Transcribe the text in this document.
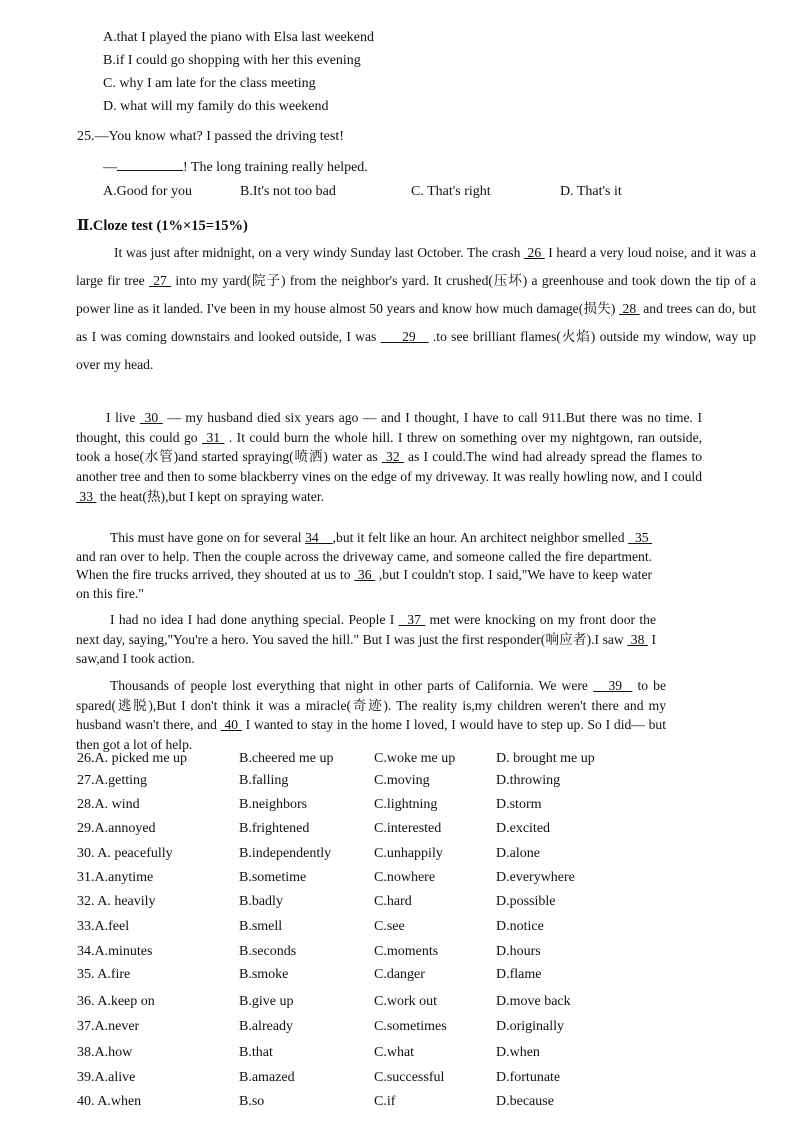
A.that I played the piano with Elsa last weekend
B.if I could go shopping with her this evening
C. why I am late for the class meeting
D. what will my family do this weekend
25.—You know what? I passed the driving test!
—	! The long training really helped.
A.Good for you	B.It's not too bad	C. That's right	D. That's it
Ⅱ.Cloze test (1%×15=15%)
It was just after midnight, on a very windy Sunday last October. The crash  26  I heard a very loud noise, and it was a large fir tree  27  into my yard(院子) from the neighbor's yard. It crushed(压坏) a greenhouse and took down the tip of a power line as it landed. I've been in my house almost 50 years and know how much damage(损失)  28  and trees can do, but as I was coming downstairs and looked outside, I was      29    .to see brilliant flames(火焰) outside my window, way up over my head.
I live  30  — my husband died six years ago — and I thought, I have to call 911.But there was no time. I thought, this could go  31  . It could burn the whole hill. I threw on something over my nightgown, ran outside, took a hose(水管)and started spraying(喷洒) water as  32  as I could.The wind had already spread the flames to another tree and then to some blackberry vines on the edge of my driveway. It was really howling now, and I could  33  the heat(热),but I kept on spraying water.
This must have gone on for several 34    ,but it felt like an hour. An architect neighbor smelled   35  and ran over to help. Then the couple across the driveway came, and someone called the fire department. When the fire trucks arrived, they shouted at us to  36  ,but I couldn't stop. I said,"We have to keep water on this fire."
I had no idea I had done anything special. People I   37  met were knocking on my front door the next day, saying,"You're a hero. You saved the hill." But I was just the first responder(响应者).I saw  38  I saw,and I took action.
Thousands of people lost everything that night in other parts of California. We were    39   to be spared(逃脱),But I don't think it was a miracle(奇迹). The reality is,my children weren't there and my husband wasn't there, and  40  I wanted to stay in the home I loved, I would have to step up. So I did— but then got a lot of help.
26.A. picked me up	B.cheered me up	C.woke me up	D. brought me up
27.A.getting	B.falling	C.moving	D.throwing
28.A. wind	B.neighbors	C.lightning	D.storm
29.A.annoyed	B.frightened	C.interested	D.excited
30. A. peacefully	B.independently	C.unhappily	D.alone
31.A.anytime	B.sometime	C.nowhere	D.everywhere
32. A. heavily	B.badly	C.hard	D.possible
33.A.feel	B.smell	C.see	D.notice
34.A.minutes	B.seconds	C.moments	D.hours
35. A.fire	B.smoke	C.danger	D.flame
36. A.keep on	B.give up	C.work out	D.move back
37.A.never	B.already	C.sometimes	D.originally
38.A.how	B.that	C.what	D.when
39.A.alive	B.amazed	C.successful	D.fortunate
40. A.when	B.so	C.if	D.because
